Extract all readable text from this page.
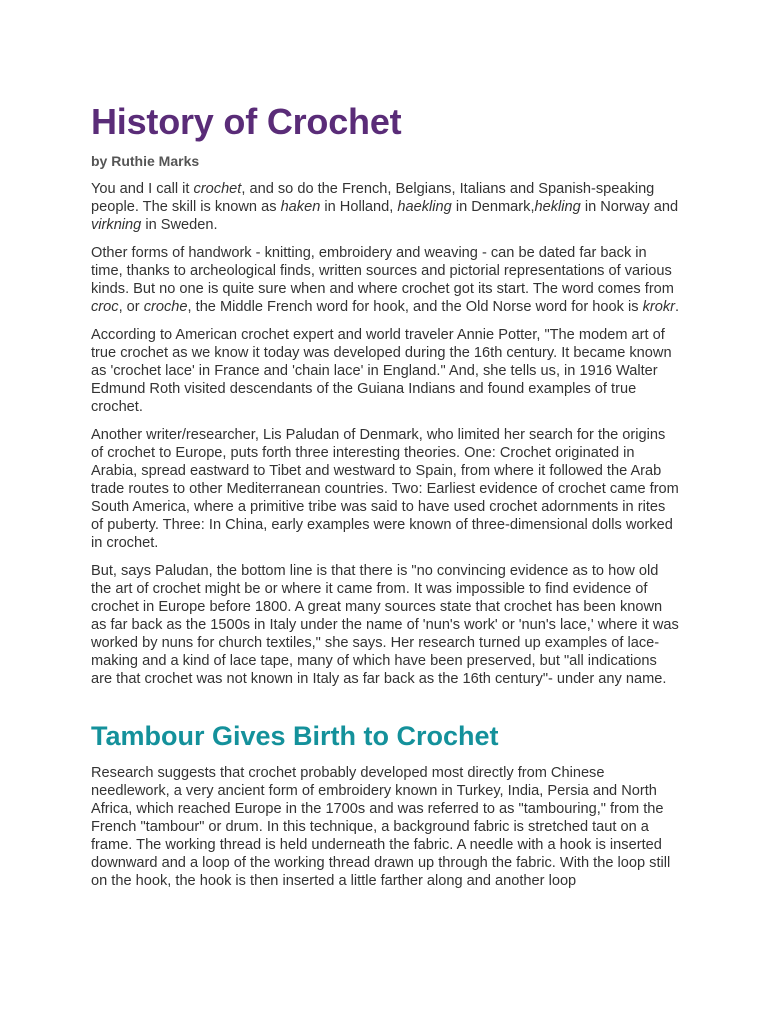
History of Crochet
by Ruthie Marks

You and I call it crochet, and so do the French, Belgians, Italians and Spanish-speaking people. The skill is known as haken in Holland, haekling in Denmark,hekling in Norway and virkning in Sweden.

Other forms of handwork - knitting, embroidery and weaving - can be dated far back in time, thanks to archeological finds, written sources and pictorial representations of various kinds. But no one is quite sure when and where crochet got its start. The word comes from croc, or croche, the Middle French word for hook, and the Old Norse word for hook is krokr.

According to American crochet expert and world traveler Annie Potter, "The modem art of true crochet as we know it today was developed during the 16th century. It became known as 'crochet lace' in France and 'chain lace' in England." And, she tells us, in 1916 Walter Edmund Roth visited descendants of the Guiana Indians and found examples of true crochet.

Another writer/researcher, Lis Paludan of Denmark, who limited her search for the origins of crochet to Europe, puts forth three interesting theories. One: Crochet originated in Arabia, spread eastward to Tibet and westward to Spain, from where it followed the Arab trade routes to other Mediterranean countries. Two: Earliest evidence of crochet came from South America, where a primitive tribe was said to have used crochet adornments in rites of puberty. Three: In China, early examples were known of three-dimensional dolls worked in crochet.

But, says Paludan, the bottom line is that there is "no convincing evidence as to how old the art of crochet might be or where it came from. It was impossible to find evidence of crochet in Europe before 1800. A great many sources state that crochet has been known as far back as the 1500s in Italy under the name of 'nun's work' or 'nun's lace,' where it was worked by nuns for church textiles," she says. Her research turned up examples of lace-making and a kind of lace tape, many of which have been preserved, but "all indications are that crochet was not known in Italy as far back as the 16th century"- under any name.

Tambour Gives Birth to Crochet

Research suggests that crochet probably developed most directly from Chinese needlework, a very ancient form of embroidery known in Turkey, India, Persia and North Africa, which reached Europe in the 1700s and was referred to as "tambouring," from the French "tambour" or drum. In this technique, a background fabric is stretched taut on a frame. The working thread is held underneath the fabric. A needle with a hook is inserted downward and a loop of the working thread drawn up through the fabric. With the loop still on the hook, the hook is then inserted a little farther along and another loop
